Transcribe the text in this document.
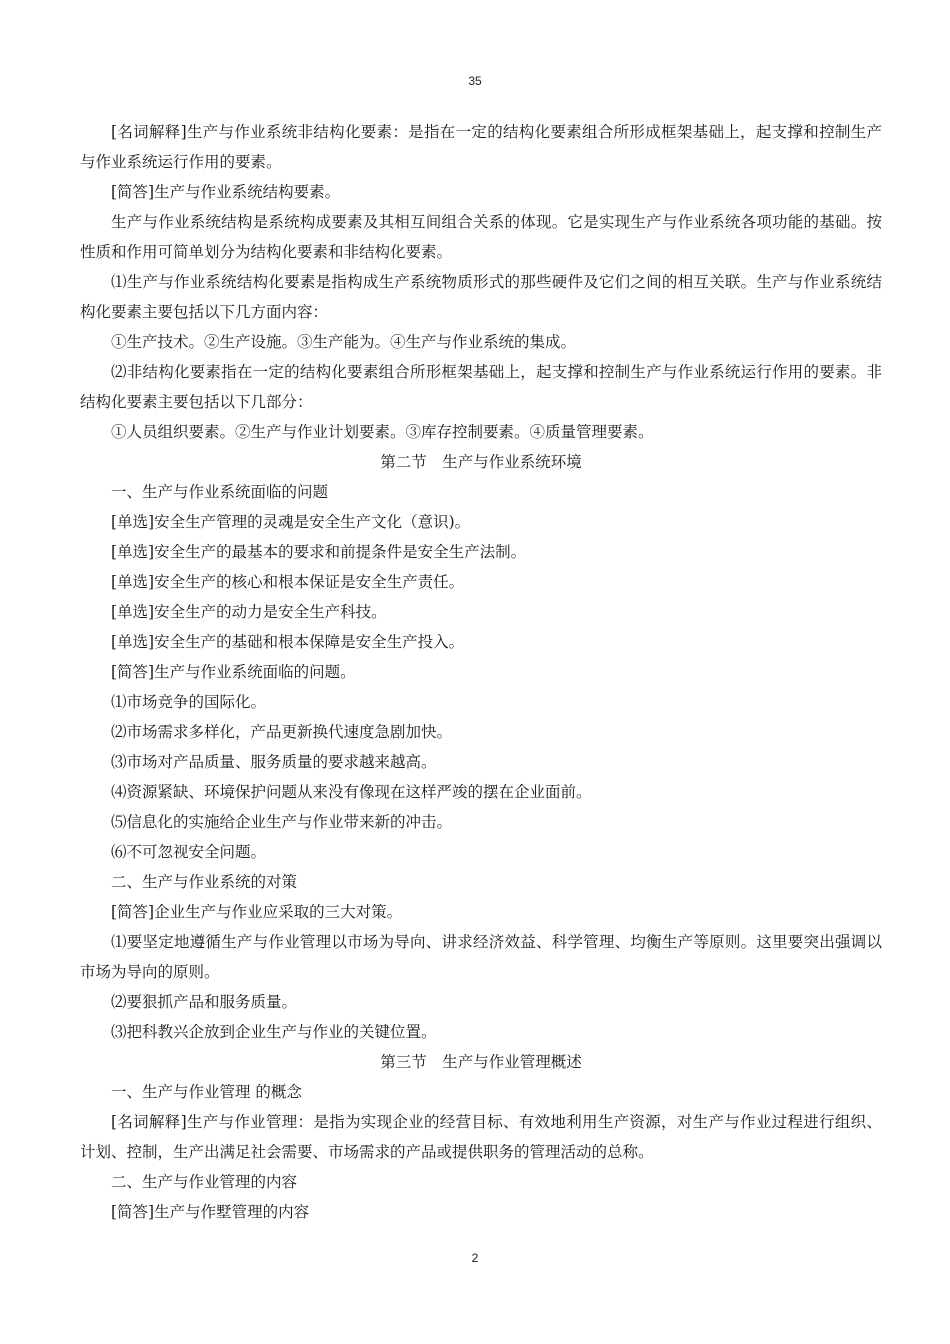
35

[名词解释]生产与作业系统非结构化要素：是指在一定的结构化要素组合所形成框架基础上，起支撑和控制生产与作业系统运行作用的要素。

[简答]生产与作业系统结构要素。

生产与作业系统结构是系统构成要素及其相互间组合关系的体现。它是实现生产与作业系统各项功能的基础。按性质和作用可简单划分为结构化要素和非结构化要素。

⑴生产与作业系统结构化要素是指构成生产系统物质形式的那些硬件及它们之间的相互关联。生产与作业系统结构化要素主要包括以下几方面内容：

①生产技术。②生产设施。③生产能为。④生产与作业系统的集成。

⑵非结构化要素指在一定的结构化要素组合所形框架基础上，起支撑和控制生产与作业系统运行作用的要素。非结构化要素主要包括以下几部分：

①人员组织要素。②生产与作业计划要素。③库存控制要素。④质量管理要素。

第二节　生产与作业系统环境

一、生产与作业系统面临的问题

[单选]安全生产管理的灵魂是安全生产文化（意识)。

[单选]安全生产的最基本的要求和前提条件是安全生产法制。

[单选]安全生产的核心和根本保证是安全生产责任。

[单选]安全生产的动力是安全生产科技。

[单选]安全生产的基础和根本保障是安全生产投入。

[简答]生产与作业系统面临的问题。

⑴市场竞争的国际化。

⑵市场需求多样化，产品更新换代速度急剧加快。

⑶市场对产品质量、服务质量的要求越来越高。

⑷资源紧缺、环境保护问题从来没有像现在这样严竣的摆在企业面前。

⑸信息化的实施给企业生产与作业带来新的冲击。

⑹不可忽视安全问题。

二、生产与作业系统的对策

[简答]企业生产与作业应采取的三大对策。

⑴要坚定地遵循生产与作业管理以市场为导向、讲求经济效益、科学管理、均衡生产等原则。这里要突出强调以市场为导向的原则。

⑵要狠抓产品和服务质量。

⑶把科教兴企放到企业生产与作业的关键位置。

第三节　生产与作业管理概述

一、生产与作业管理 的概念

[名词解释]生产与作业管理：是指为实现企业的经营目标、有效地利用生产资源，对生产与作业过程进行组织、计划、控制，生产出满足社会需要、市场需求的产品或提供职务的管理活动的总称。

二、生产与作业管理的内容

[简答]生产与作墅管理的内容

2
